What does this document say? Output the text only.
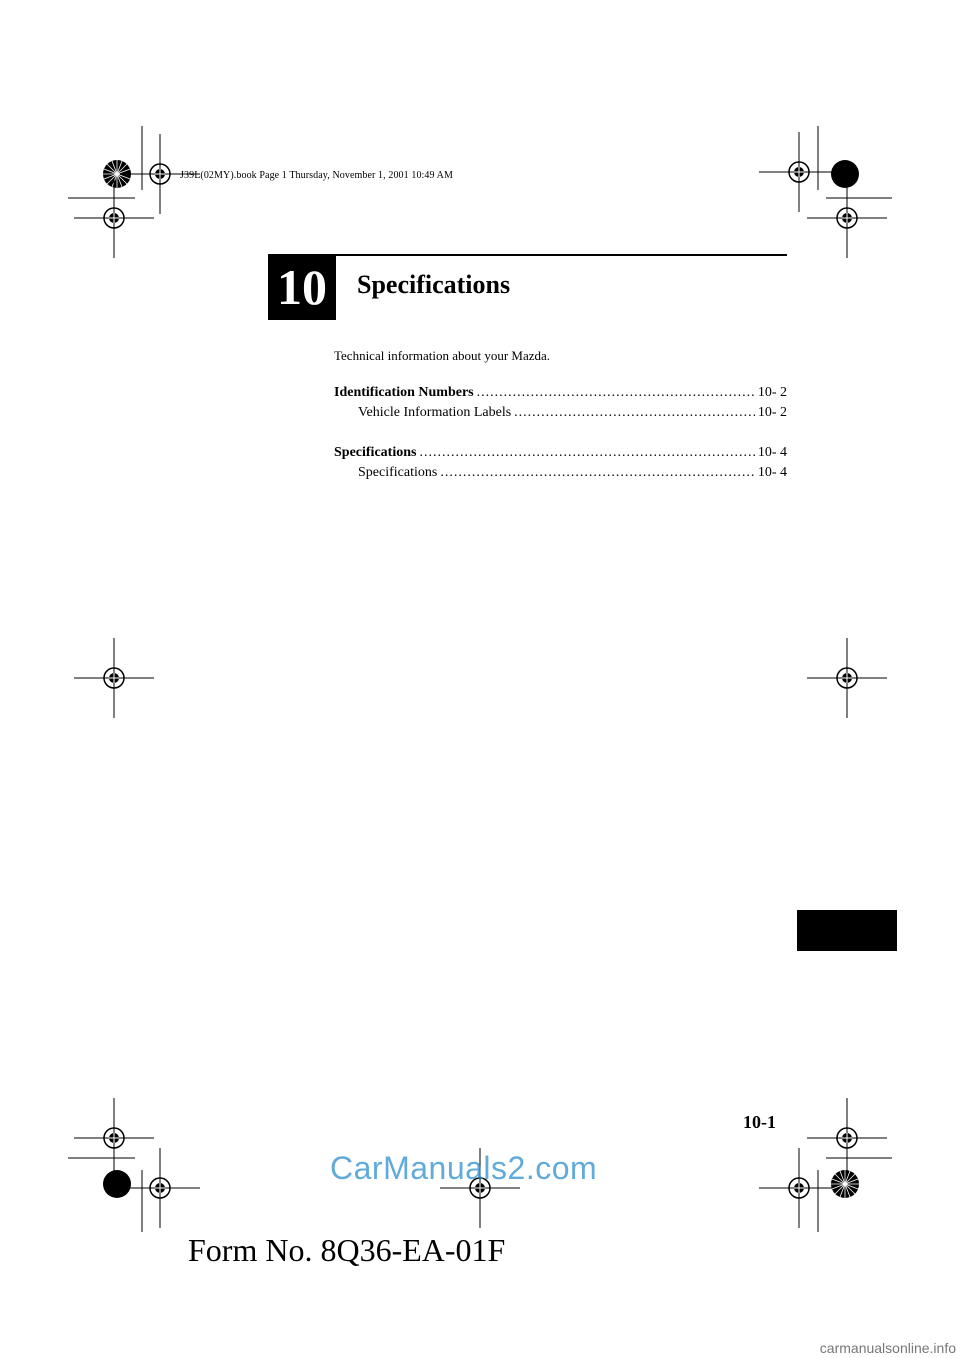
J39L(02MY).book Page 1 Thursday, November 1, 2001 10:49 AM
10 Specifications
Technical information about your Mazda.
Identification Numbers .....	10- 2
Vehicle Information Labels .....	10- 2
Specifications .....	10- 4
Specifications .....	10- 4
10-1
CarManuals2.com
Form No. 8Q36-EA-01F
carmanualsonline.info
